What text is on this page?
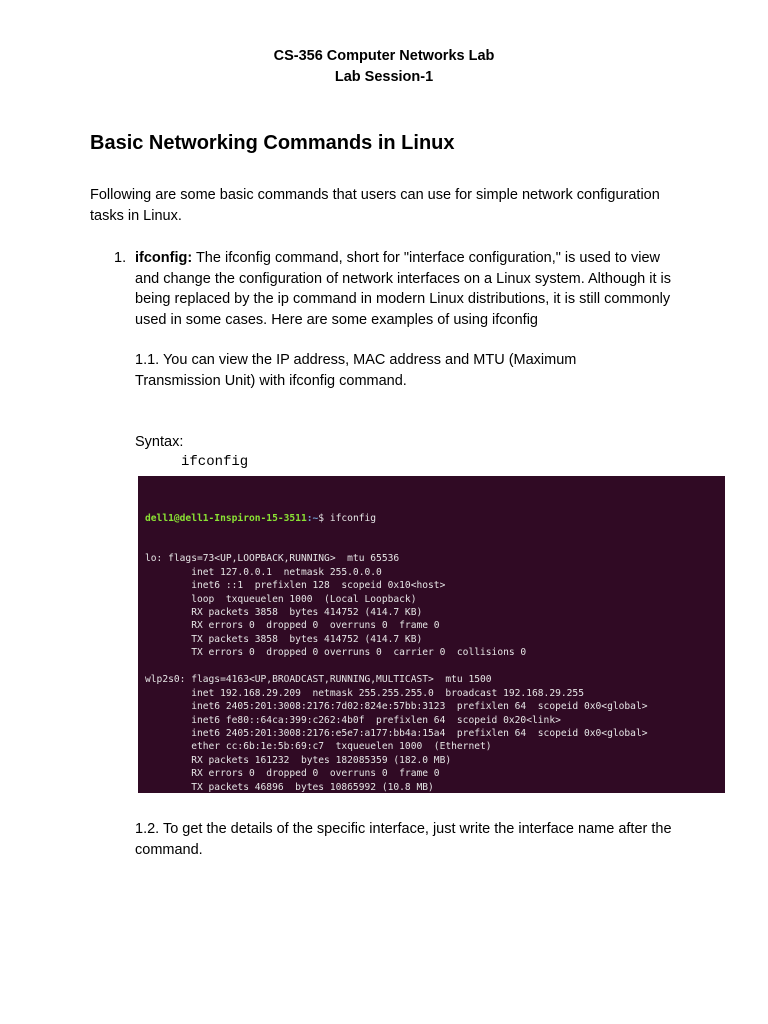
CS-356 Computer Networks Lab
Lab Session-1
Basic Networking Commands in Linux
Following are some basic commands that users can use for simple network configuration tasks in Linux.
1. ifconfig: The ifconfig command, short for "interface configuration," is used to view and change the configuration of network interfaces on a Linux system. Although it is being replaced by the ip command in modern Linux distributions, it is still commonly used in some cases. Here are some examples of using ifconfig
1.1. You can view the IP address, MAC address and MTU (Maximum Transmission Unit) with ifconfig command.
Syntax:
ifconfig

dell1@dell1-Inspiron-15-3511:~$ ifconfig

lo: flags=73<UP,LOOPBACK,RUNNING>  mtu 65536
inet 127.0.0.1  netmask 255.0.0.0
inet6 ::1  prefixlen 128  scopeid 0x10<host>
loop  txqueuelen 1000  (Local Loopback)
RX packets 3858  bytes 414752 (414.7 KB)
RX errors 0  dropped 0  overruns 0  frame 0
TX packets 3858  bytes 414752 (414.7 KB)
TX errors 0  dropped 0 overruns 0  carrier 0  collisions 0
wlp2s0: flags=4163<UP,BROADCAST,RUNNING,MULTICAST>  mtu 1500
inet 192.168.29.209  netmask 255.255.255.0  broadcast 192.168.29.255
inet6 2405:201:3008:2176:7d02:824e:57bb:3123  prefixlen 64  scopeid 0x0<global>
inet6 fe80::64ca:399:c262:4b0f  prefixlen 64  scopeid 0x20<link>
inet6 2405:201:3008:2176:e5e7:a177:bb4a:15a4  prefixlen 64  scopeid 0x0<global>
ether cc:6b:1e:5b:69:c7  txqueuelen 1000  (Ethernet)
RX packets 161232  bytes 182085359 (182.0 MB)
RX errors 0  dropped 0  overruns 0  frame 0
TX packets 46896  bytes 10865992 (10.8 MB)

1.2. To get the details of the specific interface, just write the interface name after the command.
